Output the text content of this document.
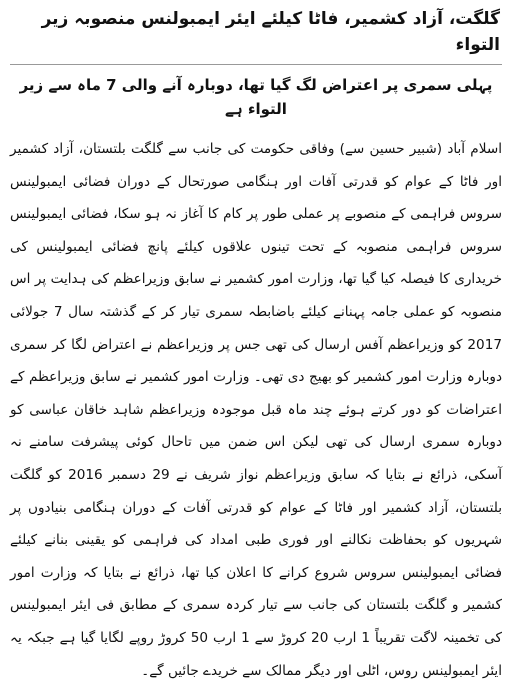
گلگت، آزاد کشمیر، فاٹا کیلئے ایئر ایمبولنس منصوبہ زیر التواء
پہلی سمری پر اعتراض لگ گیا تھا، دوبارہ آنے والی 7 ماہ سے زیر التواء ہے

اسلام آباد (شبیر حسین سے) وفاقی حکومت کی جانب سے گلگت بلتستان، آزاد کشمیر اور فاٹا کے عوام کو قدرتی آفات اور ہنگامی صورتحال کے دوران فضائی ایمبولینس سروس فراہمی کے منصوبے پر عملی طور پر کام کا آغاز نہ ہو سکا، فضائی ایمبولینس سروس فراہمی منصوبہ کے تحت تینوں علاقوں کیلئے پانچ فضائی ایمبولینس کی خریداری کا فیصلہ کیا گیا تھا، وزارت امور کشمیر نے سابق وزیراعظم کی ہدایت پر اس منصوبہ کو عملی جامہ پہنانے کیلئے باضابطہ سمری تیار کر کے گذشتہ سال 7 جولائی 2017 کو وزیراعظم آفس ارسال کی تھی جس پر وزیراعظم نے اعتراض لگا کر سمری دوبارہ وزارت امور کشمیر کو بھیج دی تھی۔ وزارت امور کشمیر نے سابق وزیراعظم کے اعتراضات کو دور کرتے ہوئے چند ماہ قبل موجودہ وزیراعظم شاہد خاقان عباسی کو دوبارہ سمری ارسال کی تھی لیکن اس ضمن میں تاحال کوئی پیشرفت سامنے نہ آسکی، ذرائع نے بتایا کہ سابق وزیراعظم نواز شریف نے 29 دسمبر 2016 کو گلگت بلتستان، آزاد کشمیر اور فاٹا کے عوام کو قدرتی آفات کے دوران ہنگامی بنیادوں پر شہریوں کو بحفاظت نکالنے اور فوری طبی امداد کی فراہمی کو یقینی بنانے کیلئے فضائی ایمبولینس سروس شروع کرانے کا اعلان کیا تھا، ذرائع نے بتایا کہ وزارت امور کشمیر و گلگت بلتستان کی جانب سے تیار کردہ سمری کے مطابق فی ایئر ایمبولینس کی تخمینہ لاگت تقریباً 1 ارب 20 کروڑ سے 1 ارب 50 کروڑ روپے لگایا گیا ہے جبکہ یہ ایئر ایمبولینس روس، اٹلی اور دیگر ممالک سے خریدے جائیں گے۔
